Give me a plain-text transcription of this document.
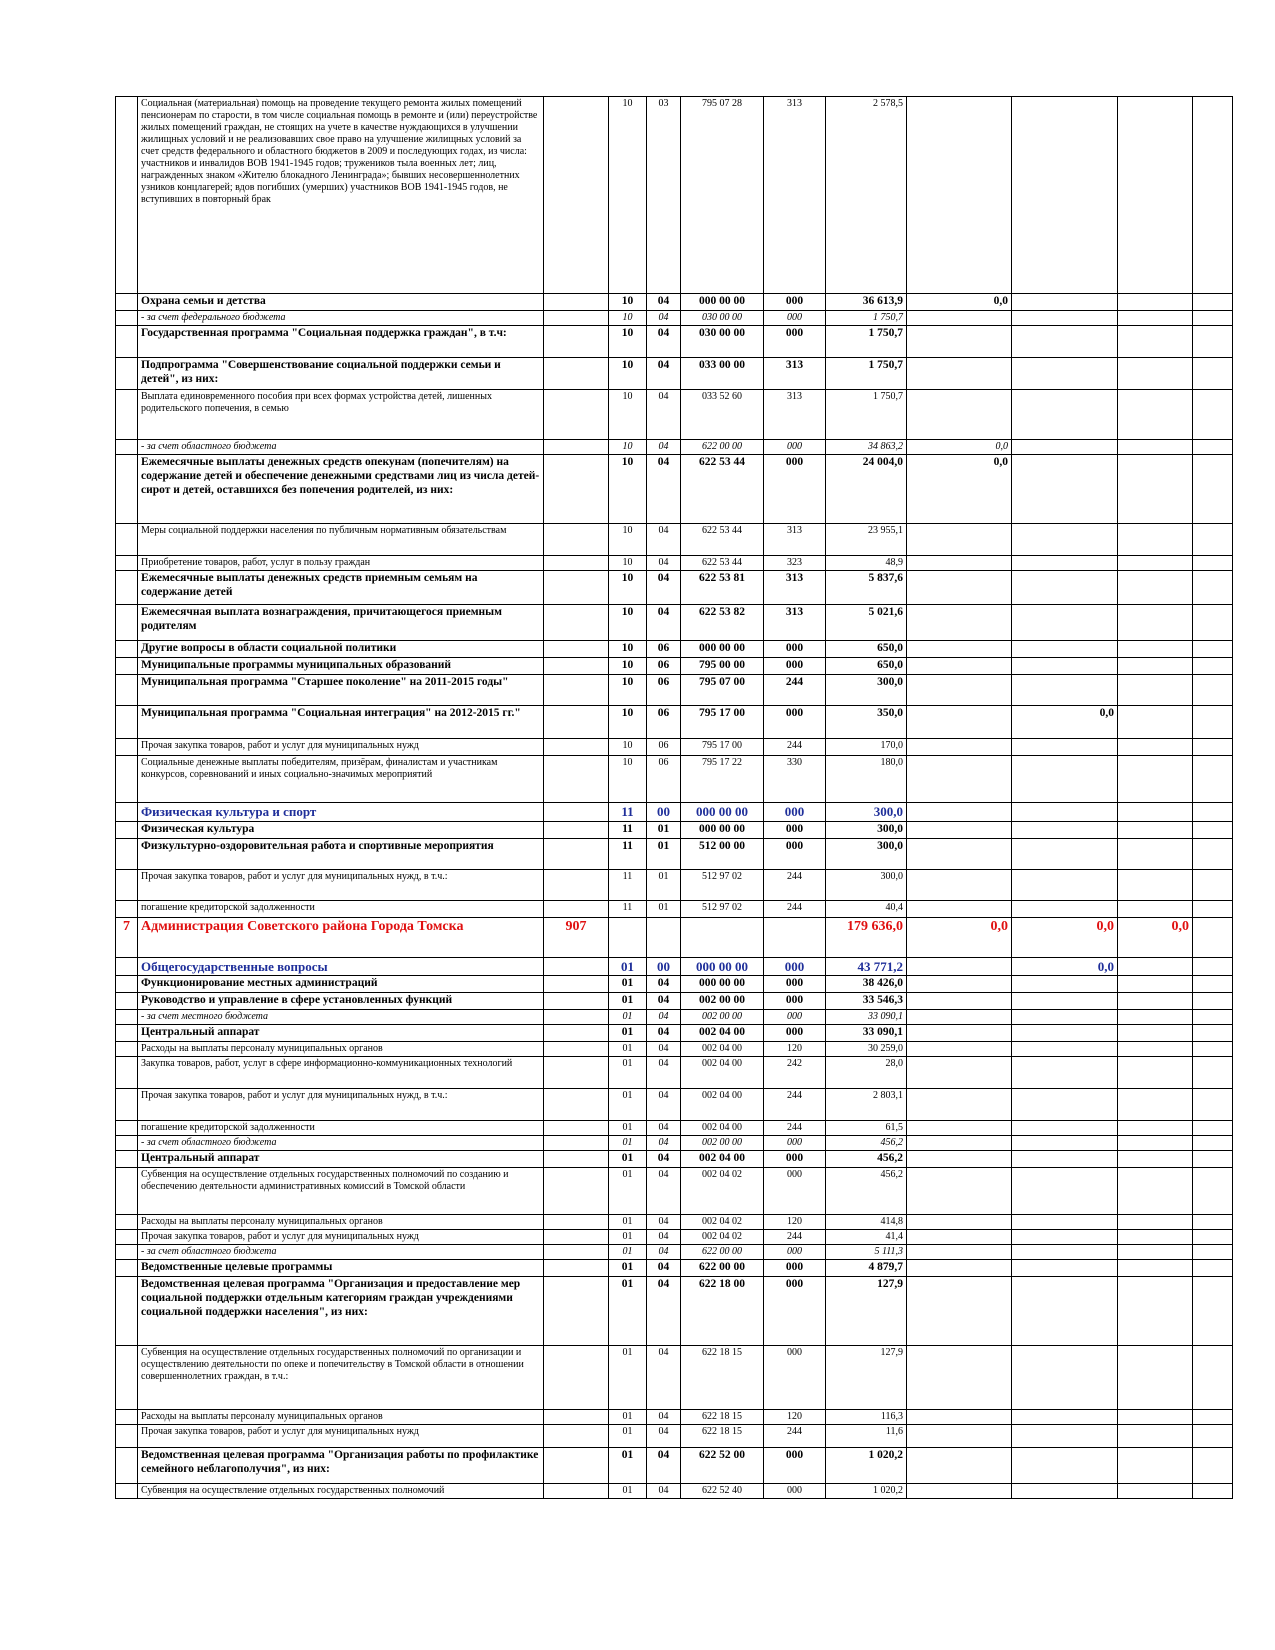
	Социальная (материальная) помощь на проведение текущего ремонта жилых помещений пенсионерам по старости, в том числе социальная помощь в ремонте и (или) переустройстве жилых помещений граждан, не стоящих на учете в качестве нуждающихся в улучшении жилищных условий и не реализовавших свое право на улучшение жилищных условий за счет средств федерального и областного бюджетов в 2009 и последующих годах, из числа: участников и инвалидов ВОВ 1941-1945 годов; тружеников тыла военных лет; лиц, награжденных знаком «Жителю блокадного Ленинграда»; бывших несовершеннолетних узников концлагерей; вдов погибших (умерших) участников ВОВ 1941-1945 годов, не вступивших в повторный брак		10	03	795 07 28	313	2 578,5				
	Охрана семьи и детства		10	04	000 00 00	000	36 613,9	0,0			
	- за счет федерального бюджета		10	04	030 00 00	000	1 750,7				
	Государственная программа "Социальная поддержка граждан", в т.ч:		10	04	030 00 00	000	1 750,7				
	Подпрограмма "Совершенствование социальной поддержки семьи и детей", из них:		10	04	033 00 00	313	1 750,7				
	Выплата единовременного пособия при всех формах устройства детей, лишенных родительского попечения, в семью		10	04	033 52 60	313	1 750,7				
	- за счет областного бюджета		10	04	622 00 00	000	34 863,2	0,0			
	Ежемесячные выплаты денежных средств опекунам (попечителям) на содержание детей и обеспечение денежными средствами лиц из числа детей-сирот и детей, оставшихся без попечения родителей, из них:		10	04	622 53 44	000	24 004,0	0,0			
	Меры социальной поддержки населения по публичным нормативным обязательствам		10	04	622 53 44	313	23 955,1				
	Приобретение товаров, работ, услуг в пользу граждан		10	04	622 53 44	323	48,9				
	Ежемесячные выплаты денежных средств приемным семьям на содержание детей		10	04	622 53 81	313	5 837,6				
	Ежемесячная выплата вознаграждения, причитающегося приемным родителям		10	04	622 53 82	313	5 021,6				
	Другие вопросы в области социальной политики		10	06	000 00 00	000	650,0				
	Муниципальные программы муниципальных образований		10	06	795 00 00	000	650,0				
	Муниципальная программа "Старшее поколение" на 2011-2015 годы"		10	06	795 07 00	244	300,0				
	Муниципальная программа "Социальная интеграция" на 2012-2015 гг."		10	06	795 17 00	000	350,0		0,0		
	Прочая закупка товаров, работ и услуг для муниципальных нужд		10	06	795 17 00	244	170,0				
	Социальные денежные выплаты победителям, призёрам, финалистам и участникам конкурсов, соревнований и иных социально-значимых мероприятий		10	06	795 17 22	330	180,0				
	Физическая культура и спорт		11	00	000 00 00	000	300,0				
	Физическая культура		11	01	000 00 00	000	300,0				
	Физкультурно-оздоровительная работа и спортивные мероприятия		11	01	512 00 00	000	300,0				
	Прочая закупка товаров, работ и услуг для муниципальных нужд, в т.ч.:		11	01	512 97 02	244	300,0				
	погашение кредиторской задолженности		11	01	512 97 02	244	40,4				
7	Администрация Советского района Города Томска	907					179 636,0	0,0	0,0	0,0	
	Общегосударственные вопросы		01	00	000 00 00	000	43 771,2		0,0		
	Функционирование местных администраций		01	04	000 00 00	000	38 426,0				
	Руководство и управление в сфере установленных функций		01	04	002 00 00	000	33 546,3				
	- за счет местного бюджета		01	04	002 00 00	000	33 090,1				
	Центральный аппарат		01	04	002 04 00	000	33 090,1				
	Расходы на выплаты персоналу муниципальных органов		01	04	002 04 00	120	30 259,0				
	Закупка товаров, работ, услуг в сфере информационно-коммуникационных технологий		01	04	002 04 00	242	28,0				
	Прочая закупка товаров, работ и услуг для муниципальных нужд, в т.ч.:		01	04	002 04 00	244	2 803,1				
	погашение кредиторской задолженности		01	04	002 04 00	244	61,5				
	- за счет областного бюджета		01	04	002 00 00	000	456,2				
	Центральный аппарат		01	04	002 04 00	000	456,2				
	Субвенция на осуществление отдельных государственных полномочий по созданию и обеспечению деятельности административных комиссий в Томской области		01	04	002 04 02	000	456,2				
	Расходы на выплаты персоналу муниципальных органов		01	04	002 04 02	120	414,8				
	Прочая закупка товаров, работ и услуг для муниципальных нужд		01	04	002 04 02	244	41,4				
	- за счет областного бюджета		01	04	622 00 00	000	5 111,3				
	Ведомственные целевые программы		01	04	622 00 00	000	4 879,7				
	Ведомственная целевая программа "Организация и предоставление мер социальной поддержки отдельным категориям граждан учреждениями социальной поддержки населения", из них:		01	04	622 18 00	000	127,9				
	Субвенция на осуществление отдельных государственных полномочий по организации и осуществлению деятельности по опеке и попечительству в Томской области в отношении совершеннолетних граждан, в т.ч.:		01	04	622 18 15	000	127,9				
	Расходы на выплаты персоналу муниципальных органов		01	04	622 18 15	120	116,3				
	Прочая закупка товаров, работ и услуг для муниципальных нужд		01	04	622 18 15	244	11,6				
	Ведомственная целевая программа "Организация работы по профилактике семейного неблагополучия", из них:		01	04	622 52 00	000	1 020,2				
	Субвенция на осуществление отдельных государственных полномочий		01	04	622 52 40	000	1 020,2				
